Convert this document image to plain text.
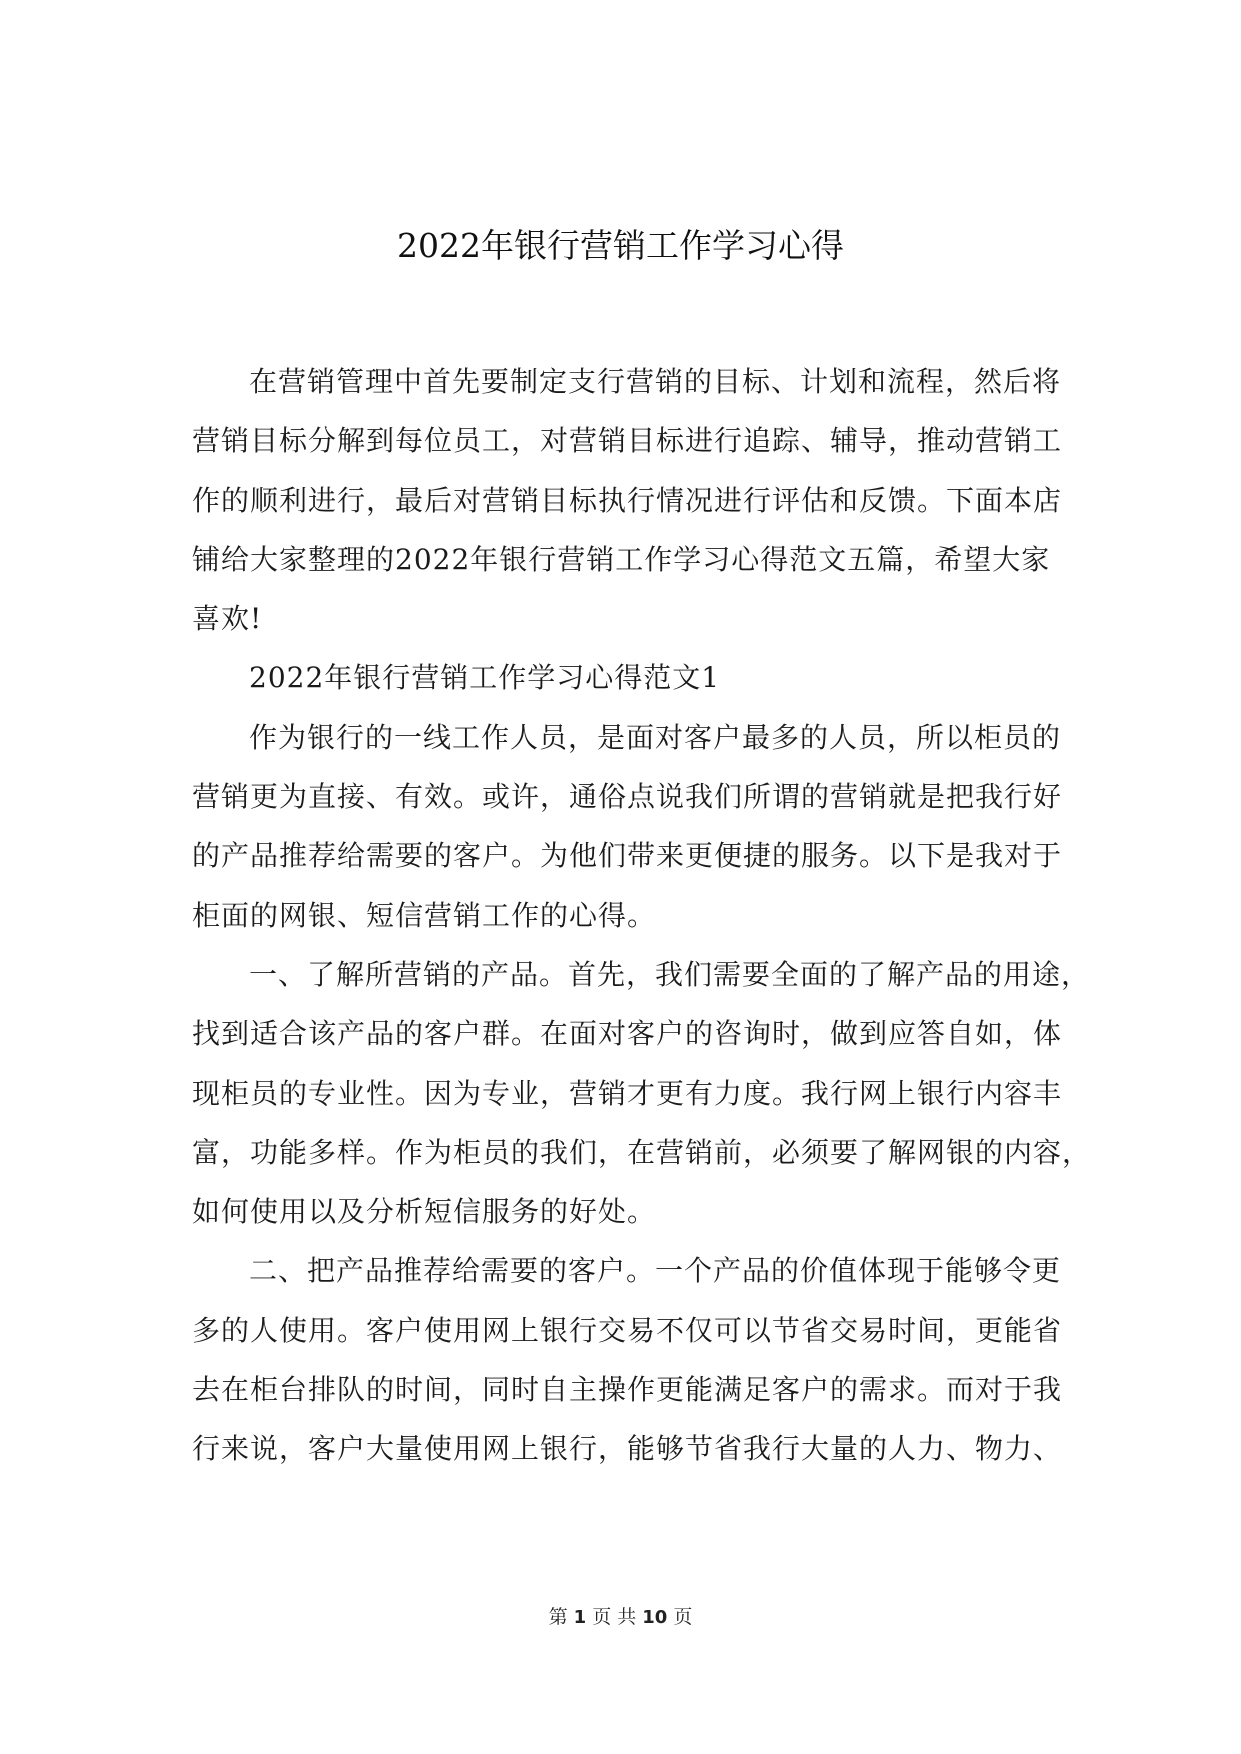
2022年银行营销工作学习心得
在营销管理中首先要制定支行营销的目标、计划和流程，然后将
营销目标分解到每位员工，对营销目标进行追踪、辅导，推动营销工
作的顺利进行，最后对营销目标执行情况进行评估和反馈。下面本店
铺给大家整理的2022年银行营销工作学习心得范文五篇，希望大家
喜欢!
2022年银行营销工作学习心得范文1
作为银行的一线工作人员，是面对客户最多的人员，所以柜员的
营销更为直接、有效。或许，通俗点说我们所谓的营销就是把我行好
的产品推荐给需要的客户。为他们带来更便捷的服务。以下是我对于
柜面的网银、短信营销工作的心得。
一、了解所营销的产品。首先，我们需要全面的了解产品的用途，
找到适合该产品的客户群。在面对客户的咨询时，做到应答自如，体
现柜员的专业性。因为专业，营销才更有力度。我行网上银行内容丰
富，功能多样。作为柜员的我们，在营销前，必须要了解网银的内容，
如何使用以及分析短信服务的好处。
二、把产品推荐给需要的客户。一个产品的价值体现于能够令更
多的人使用。客户使用网上银行交易不仅可以节省交易时间，更能省
去在柜台排队的时间，同时自主操作更能满足客户的需求。而对于我
行来说，客户大量使用网上银行，能够节省我行大量的人力、物力、
第 1 页 共 10 页
